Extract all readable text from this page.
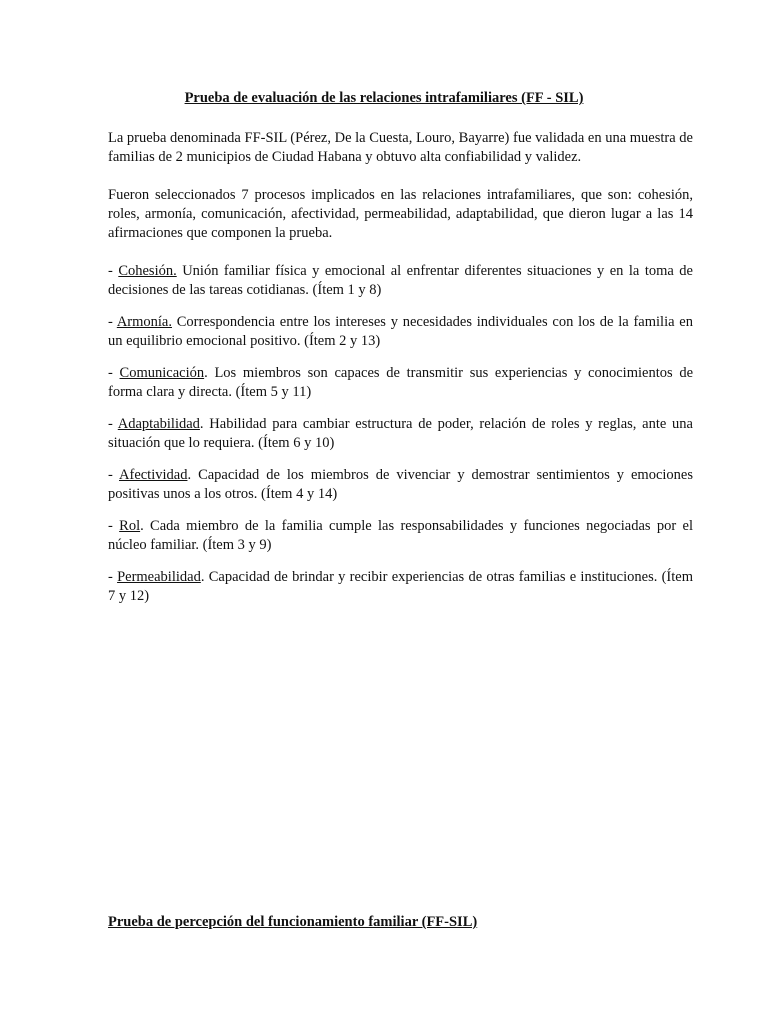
Prueba de evaluación de las relaciones intrafamiliares (FF - SIL)
La prueba denominada FF-SIL (Pérez, De la Cuesta, Louro, Bayarre) fue validada en una muestra de familias de 2 municipios de Ciudad Habana y obtuvo alta confiabilidad y validez.
Fueron seleccionados 7 procesos implicados en las relaciones intrafamiliares, que son: cohesión, roles, armonía, comunicación, afectividad, permeabilidad, adaptabilidad, que dieron lugar a las 14 afirmaciones que componen la prueba.
- Cohesión. Unión familiar física y emocional al enfrentar diferentes situaciones y en la toma de decisiones de las tareas cotidianas. (Ítem 1 y 8)
- Armonía. Correspondencia entre los intereses y necesidades individuales con los de la familia en un equilibrio emocional positivo. (Ítem 2 y 13)
- Comunicación. Los miembros son capaces de transmitir sus experiencias y conocimientos de forma clara y directa. (Ítem 5 y 11)
- Adaptabilidad. Habilidad para cambiar estructura de poder, relación de roles y reglas, ante una situación que lo requiera. (Ítem 6 y 10)
- Afectividad. Capacidad de los miembros de vivenciar y demostrar sentimientos y emociones positivas unos a los otros. (Ítem 4 y 14)
- Rol. Cada miembro de la familia cumple las responsabilidades y funciones negociadas por el núcleo familiar. (Ítem 3 y 9)
- Permeabilidad. Capacidad de brindar y recibir experiencias de otras familias e instituciones. (Ítem 7 y 12)
Prueba de percepción del funcionamiento familiar (FF-SIL)
